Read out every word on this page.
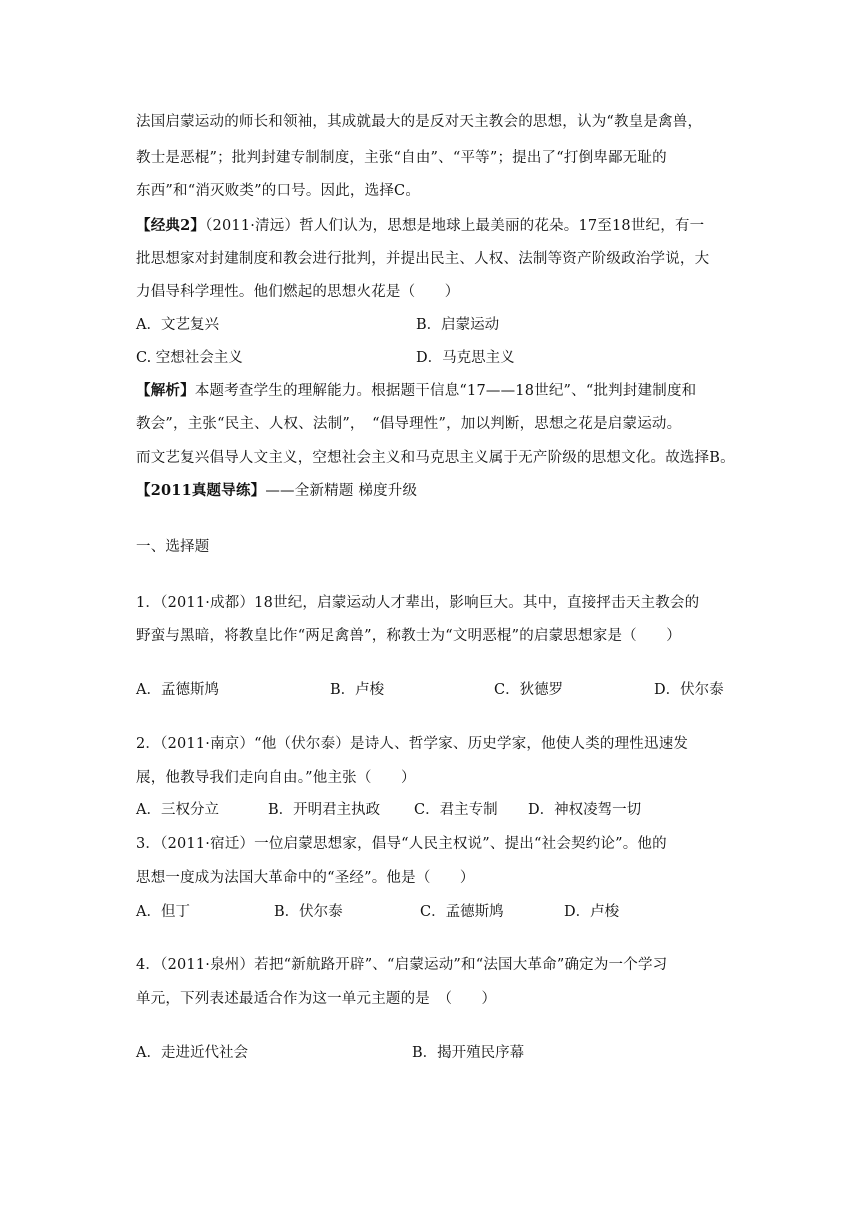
法国启蒙运动的师长和领袖，其成就最大的是反对天主教会的思想，认为“教皇是禽兽，
教士是恶棍”；批判封建专制制度，主张“自由”、“平等”；提出了“打倒卑鄙无耻的
东西”和“消灭败类”的口号。因此，选择C。
【经典2】（2011·清远）哲人们认为，思想是地球上最美丽的花朵。17至18世纪，有一
批思想家对封建制度和教会进行批判，并提出民主、人权、法制等资产阶级政治学说，大
力倡导科学理性。他们燃起的思想火花是（　　）
A．文艺复兴	B．启蒙运动
C. 空想社会主义	D．马克思主义
【解析】本题考查学生的理解能力。根据题干信息“17——18世纪”、“批判封建制度和
教会”，主张“民主、人权、法制”，　“倡导理性”，加以判断，思想之花是启蒙运动。
而文艺复兴倡导人文主义，空想社会主义和马克思主义属于无产阶级的思想文化。故选择B。
【2011真题导练】——全新精题 梯度升级
一、选择题
1．（2011·成都）18世纪，启蒙运动人才辈出，影响巨大。其中，直接抨击天主教会的
野蛮与黑暗，将教皇比作“两足禽兽”，称教士为“文明恶棍”的启蒙思想家是（　　）
A．孟德斯鸠	B．卢梭	C．狄德罗	D．伏尔泰
2．（2011·南京）“他（伏尔泰）是诗人、哲学家、历史学家，他使人类的理性迅速发
展，他教导我们走向自由。”他主张（　　）
A．三权分立	B．开明君主执政 C．君主专制 D．神权凌驾一切
3．（2011·宿迁）一位启蒙思想家，倡导“人民主权说”、提出“社会契约论”。他的
思想一度成为法国大革命中的“圣经”。他是（　　）
A．但丁	B．伏尔泰	C．孟德斯鸠	D．卢梭
4．（2011·泉州）若把“新航路开辟”、“启蒙运动”和“法国大革命”确定为一个学习
单元，下列表述最适合作为这一单元主题的是　（　　）
A．走进近代社会	B．揭开殖民序幕
